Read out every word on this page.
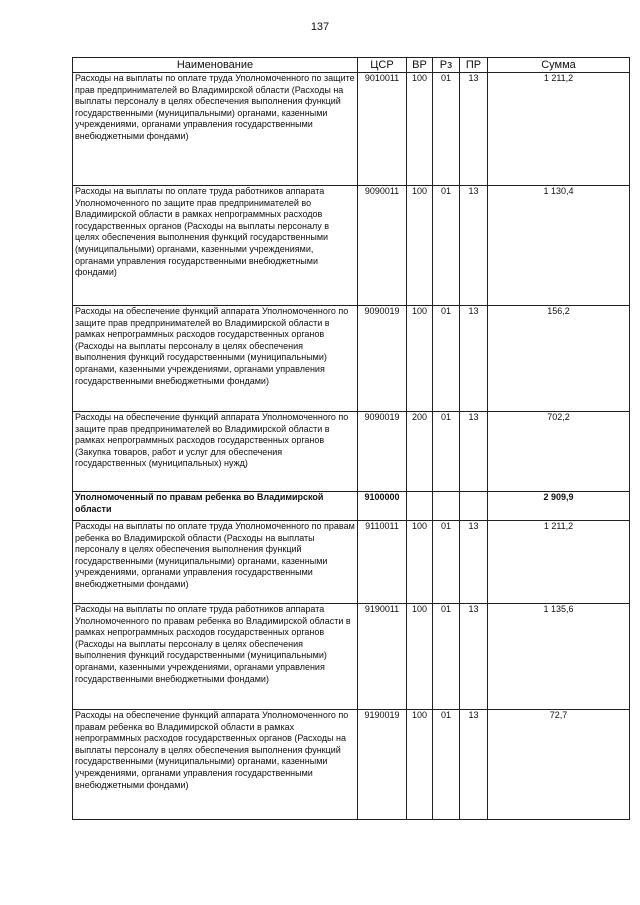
137
Наименование	ЦСР	ВР	Рз	ПР	Сумма
Расходы на выплаты по оплате труда Уполномоченного по защите прав предпринимателей во Владимирской области (Расходы на выплаты персоналу в целях обеспечения выполнения функций государственными (муниципальными) органами, казенными учреждениями, органами управления государственными внебюджетными фондами)	9010011	100	01	13	1 211,2
Расходы на выплаты по оплате труда работников аппарата Уполномоченного по защите прав предпринимателей во Владимирской области в рамках непрограммных расходов государственных органов (Расходы на выплаты персоналу в целях обеспечения выполнения функций государственными (муниципальными) органами, казенными учреждениями, органами управления государственными внебюджетными фондами)	9090011	100	01	13	1 130,4
Расходы на обеспечение функций аппарата Уполномоченного по защите прав предпринимателей во Владимирской области в рамках непрограммных расходов государственных органов (Расходы на выплаты персоналу в целях обеспечения выполнения функций государственными (муниципальными) органами, казенными учреждениями, органами управления государственными внебюджетными фондами)	9090019	100	01	13	156,2
Расходы на обеспечение функций аппарата Уполномоченного по защите прав предпринимателей во Владимирской области в рамках непрограммных расходов государственных органов (Закупка товаров, работ и услуг для обеспечения государственных (муниципальных) нужд)	9090019	200	01	13	702,2
Уполномоченный по правам ребенка во Владимирской области	9100000				2 909,9
Расходы на выплаты по оплате труда Уполномоченного по правам ребенка во Владимирской области (Расходы на выплаты персоналу в целях обеспечения выполнения функций государственными (муниципальными) органами, казенными учреждениями, органами управления государственными внебюджетными фондами)	9110011	100	01	13	1 211,2
Расходы на выплаты по оплате труда работников аппарата Уполномоченного по правам ребенка во Владимирской области в рамках непрограммных расходов государственных органов (Расходы на выплаты персоналу в целях обеспечения выполнения функций государственными (муниципальными) органами, казенными учреждениями, органами управления государственными внебюджетными фондами)	9190011	100	01	13	1 135,6
Расходы на обеспечение функций аппарата Уполномоченного по правам ребенка во Владимирской области в рамках непрограммных расходов государственных органов (Расходы на выплаты персоналу в целях обеспечения выполнения функций государственными (муниципальными) органами, казенными учреждениями, органами управления государственными внебюджетными фондами)	9190019	100	01	13	72,7
